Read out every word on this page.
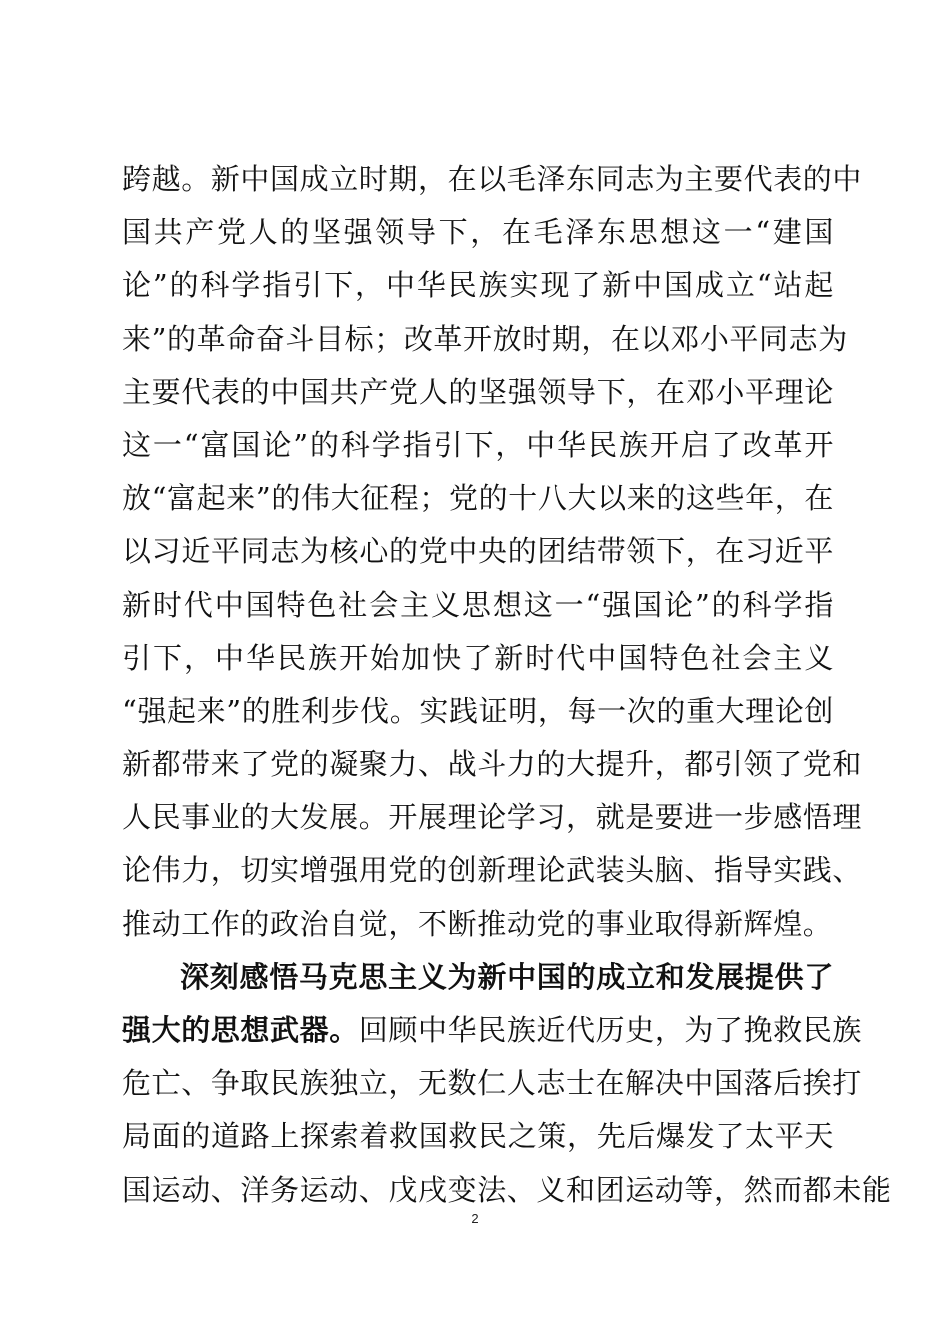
跨越。新中国成立时期，在以毛泽东同志为主要代表的中
国共产党人的坚强领导下，在毛泽东思想这一“建国
论”的科学指引下，中华民族实现了新中国成立“站起
来”的革命奋斗目标；改革开放时期，在以邓小平同志为
主要代表的中国共产党人的坚强领导下，在邓小平理论
这一“富国论”的科学指引下，中华民族开启了改革开
放“富起来”的伟大征程；党的十八大以来的这些年，在
以习近平同志为核心的党中央的团结带领下，在习近平
新时代中国特色社会主义思想这一“强国论”的科学指
引下，中华民族开始加快了新时代中国特色社会主义
“强起来”的胜利步伐。实践证明，每一次的重大理论创
新都带来了党的凝聚力、战斗力的大提升，都引领了党和
人民事业的大发展。开展理论学习，就是要进一步感悟理
论伟力，切实增强用党的创新理论武装头脑、指导实践、
推动工作的政治自觉，不断推动党的事业取得新辉煌。
深刻感悟马克思主义为新中国的成立和发展提供了
强大的思想武器。回顾中华民族近代历史，为了挽救民族
危亡、争取民族独立，无数仁人志士在解决中国落后挨打
局面的道路上探索着救国救民之策，先后爆发了太平天
国运动、洋务运动、戊戌变法、义和团运动等，然而都未能
2
